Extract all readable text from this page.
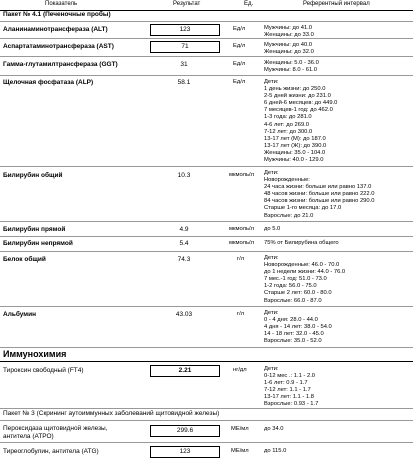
Показатель	Результат	Ед.	Референтный интервал
Пакет № 4.1 (Печеночные пробы)
Аланинаминотрансфераза (ALT)	123	Ед/л	Мужчины: до 41.0
Женщины: до 33.0
Аспартатаминотрансфераза (AST)	71	Ед/л	Мужчины: до 40.0
Женщины: до 32.0
Гамма-глутамилтрансфераза (GGT)	31	Ед/л	Женщины: 5.0 - 36.0
Мужчины: 8.0 - 61.0
Щелочная фосфатаза (ALP)	58.1	Ед/л	Дети:
1 день жизни: до 250.0
2-5 дней жизни: до 231.0
6 дней-6 месяцев: до 449.0
7 месяцев-1 год: до 462.0
1-3 года: до 281.0
4-6 лет: до 269.0
7-12 лет: до 300.0
13-17 лет (М): до 187.0
13-17 лет (Ж): до 390.0
Женщины: 35.0 - 104.0
Мужчины: 40.0 - 129.0
Билирубин общий	10.3	мкмоль/л Дети:
Новорожденные:
24 часа жизни: больше или равно 137.0
48 часов жизни: больше или равно 222.0
84 часов жизни: больше или равно 290.0
Старше 1-го месяца: до 17.0
Взрослые: до 21.0
Билирубин прямой	4.9	мкмоль/л до 5.0
Билирубин непрямой	5.4	мкмоль/л 75% от Билирубина общего
Белок общий	74.3	г/л	Дети:
Новорожденные: 46.0 - 70.0
до 1 недели жизни: 44.0 - 76.0
7 мес.-1 год: 51.0 - 73.0
1-2 года: 56.0 - 75.0
Старше 2 лет: 60.0 - 80.0
Взрослые: 66.0 - 87.0
Альбумин	43.03	г/л	Дети:
0 - 4 дня: 28.0 - 44.0
4 дня - 14 лет: 38.0 - 54.0
14 - 18 лет: 32.0 - 45.0
Взрослые: 35.0 - 52.0
Иммунохимия
Тироксин свободный (FT4)	2.21	нг/дл	Дети:
0-12 мес .: 1.1 - 2.0
1-6 лет: 0.9 - 1.7
7-12 лет: 1.1 - 1.7
13-17 лет: 1.1 - 1.8
Взрослые: 0.93 - 1.7
Пакет № 3 (Скрининг аутоиммунных заболеваний щитовидной железы)
Пероксидаза щитовидной железы,
антитела (АТРО)
299.6	МЕ/мл	до 34.0
Тиреоглобулин, антитела (ATG)	123	МЕ/мл	до 115.0
